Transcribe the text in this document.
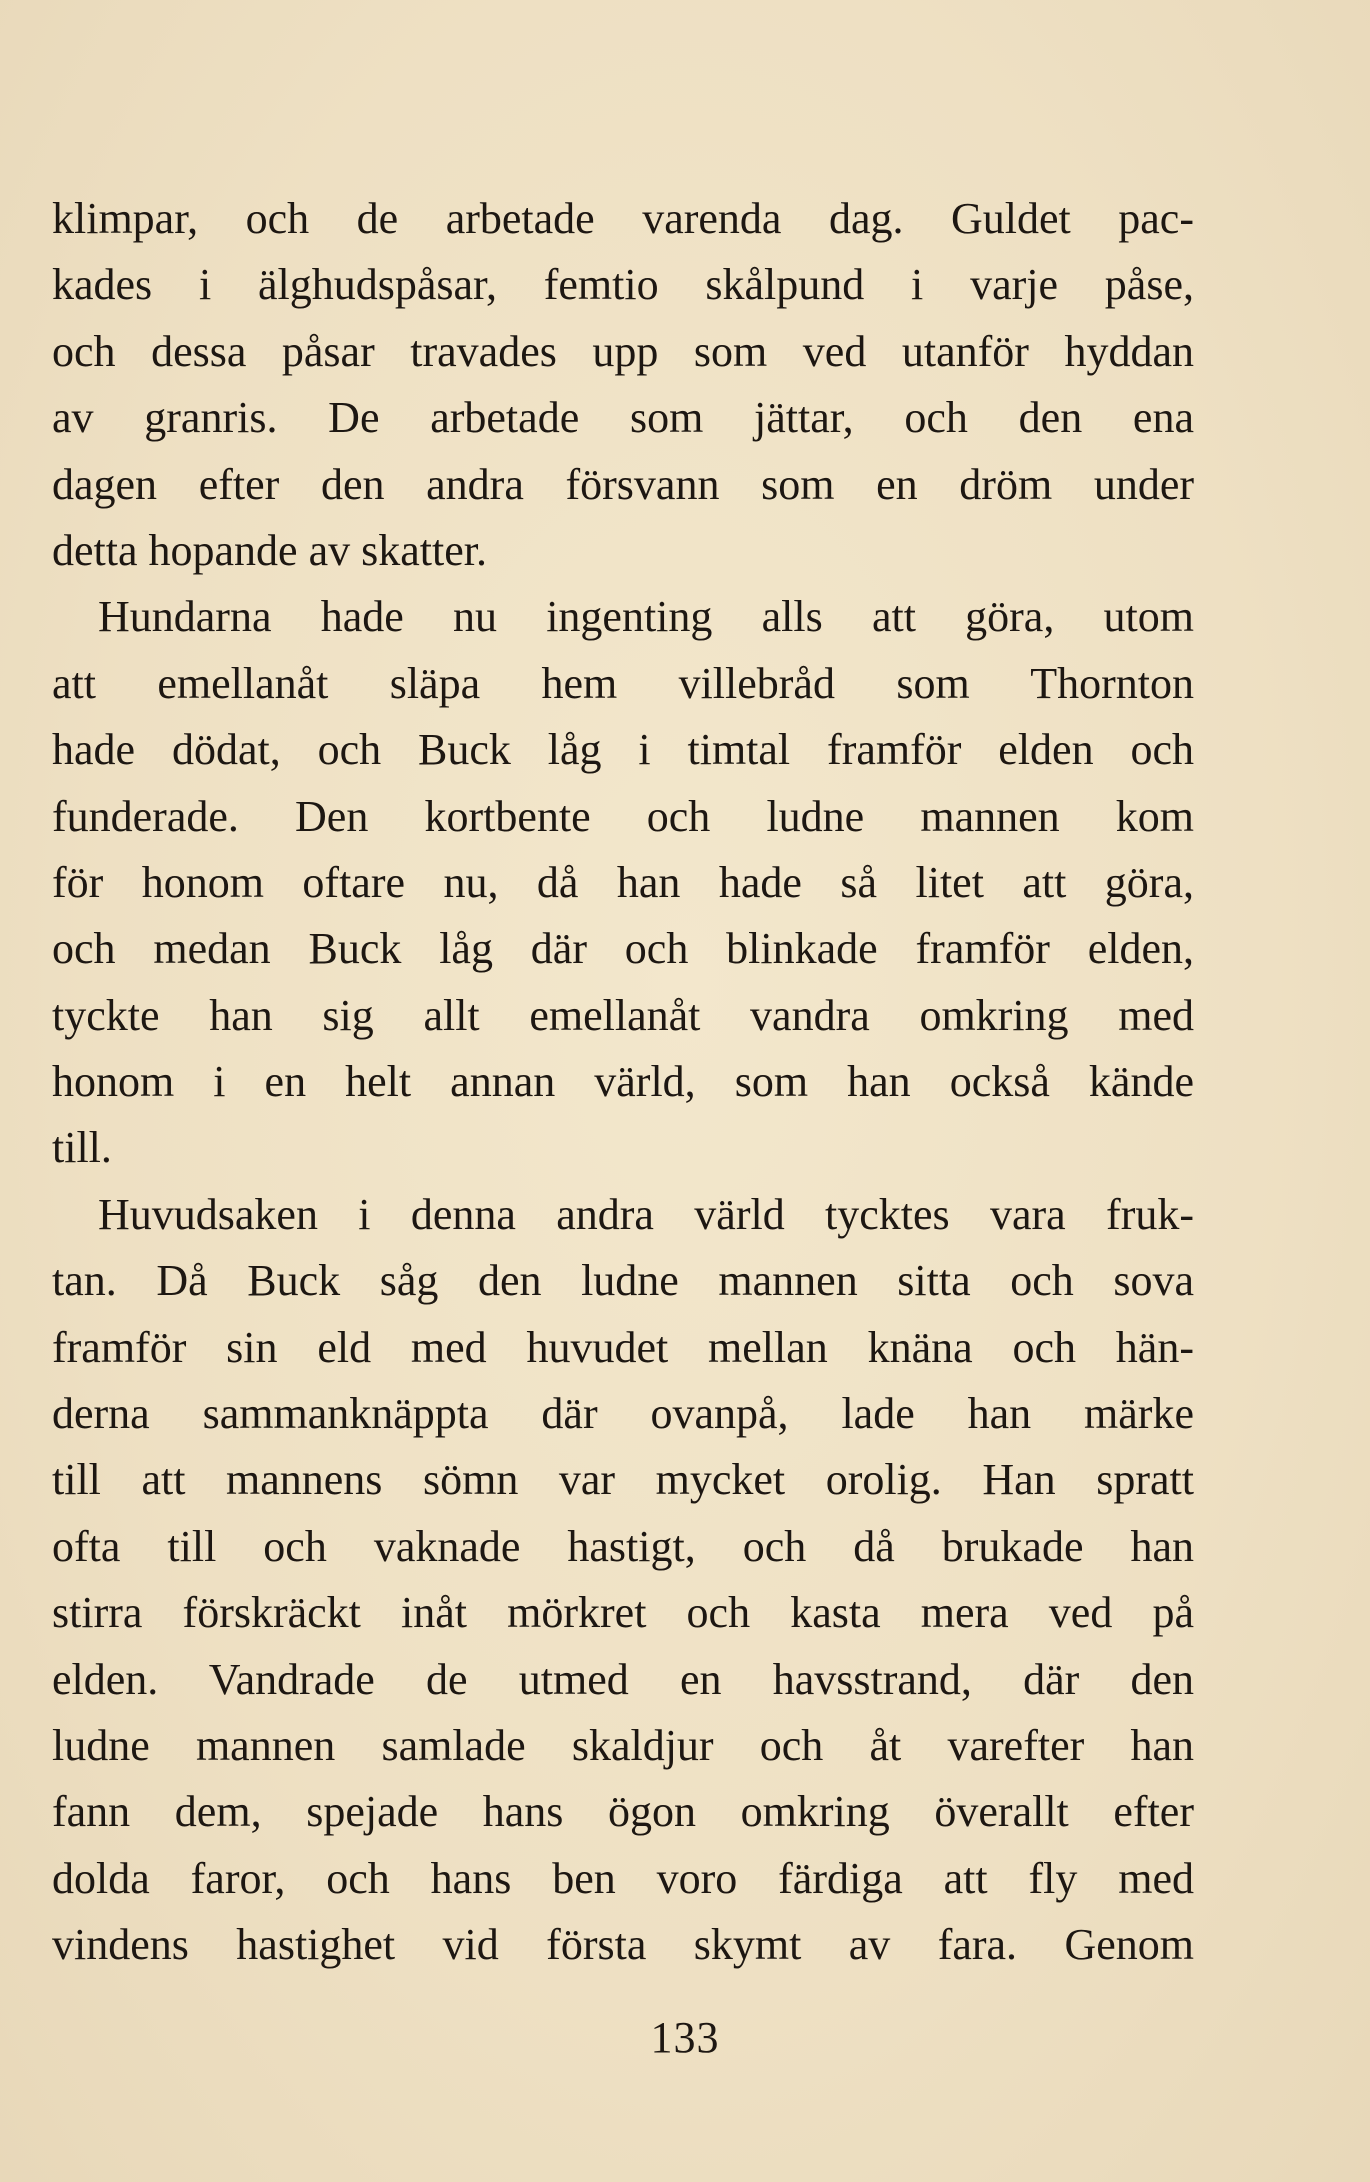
klimpar, och de arbetade varenda dag. Guldet pac-
kades i älghudspåsar, femtio skålpund i varje påse,
och dessa påsar travades upp som ved utanför hyddan
av granris. De arbetade som jättar, och den ena
dagen efter den andra försvann som en dröm under
detta hopande av skatter.
Hundarna hade nu ingenting alls att göra, utom
att emellanåt släpa hem villebråd som Thornton
hade dödat, och Buck låg i timtal framför elden och
funderade. Den kortbente och ludne mannen kom
för honom oftare nu, då han hade så litet att göra,
och medan Buck låg där och blinkade framför elden,
tyckte han sig allt emellanåt vandra omkring med
honom i en helt annan värld, som han också kände
till.
Huvudsaken i denna andra värld tycktes vara fruk-
tan. Då Buck såg den ludne mannen sitta och sova
framför sin eld med huvudet mellan knäna och hän-
derna sammanknäppta där ovanpå, lade han märke
till att mannens sömn var mycket orolig. Han spratt
ofta till och vaknade hastigt, och då brukade han
stirra förskräckt inåt mörkret och kasta mera ved på
elden. Vandrade de utmed en havsstrand, där den
ludne mannen samlade skaldjur och åt varefter han
fann dem, spejade hans ögon omkring överallt efter
dolda faror, och hans ben voro färdiga att fly med
vindens hastighet vid första skymt av fara. Genom
133
